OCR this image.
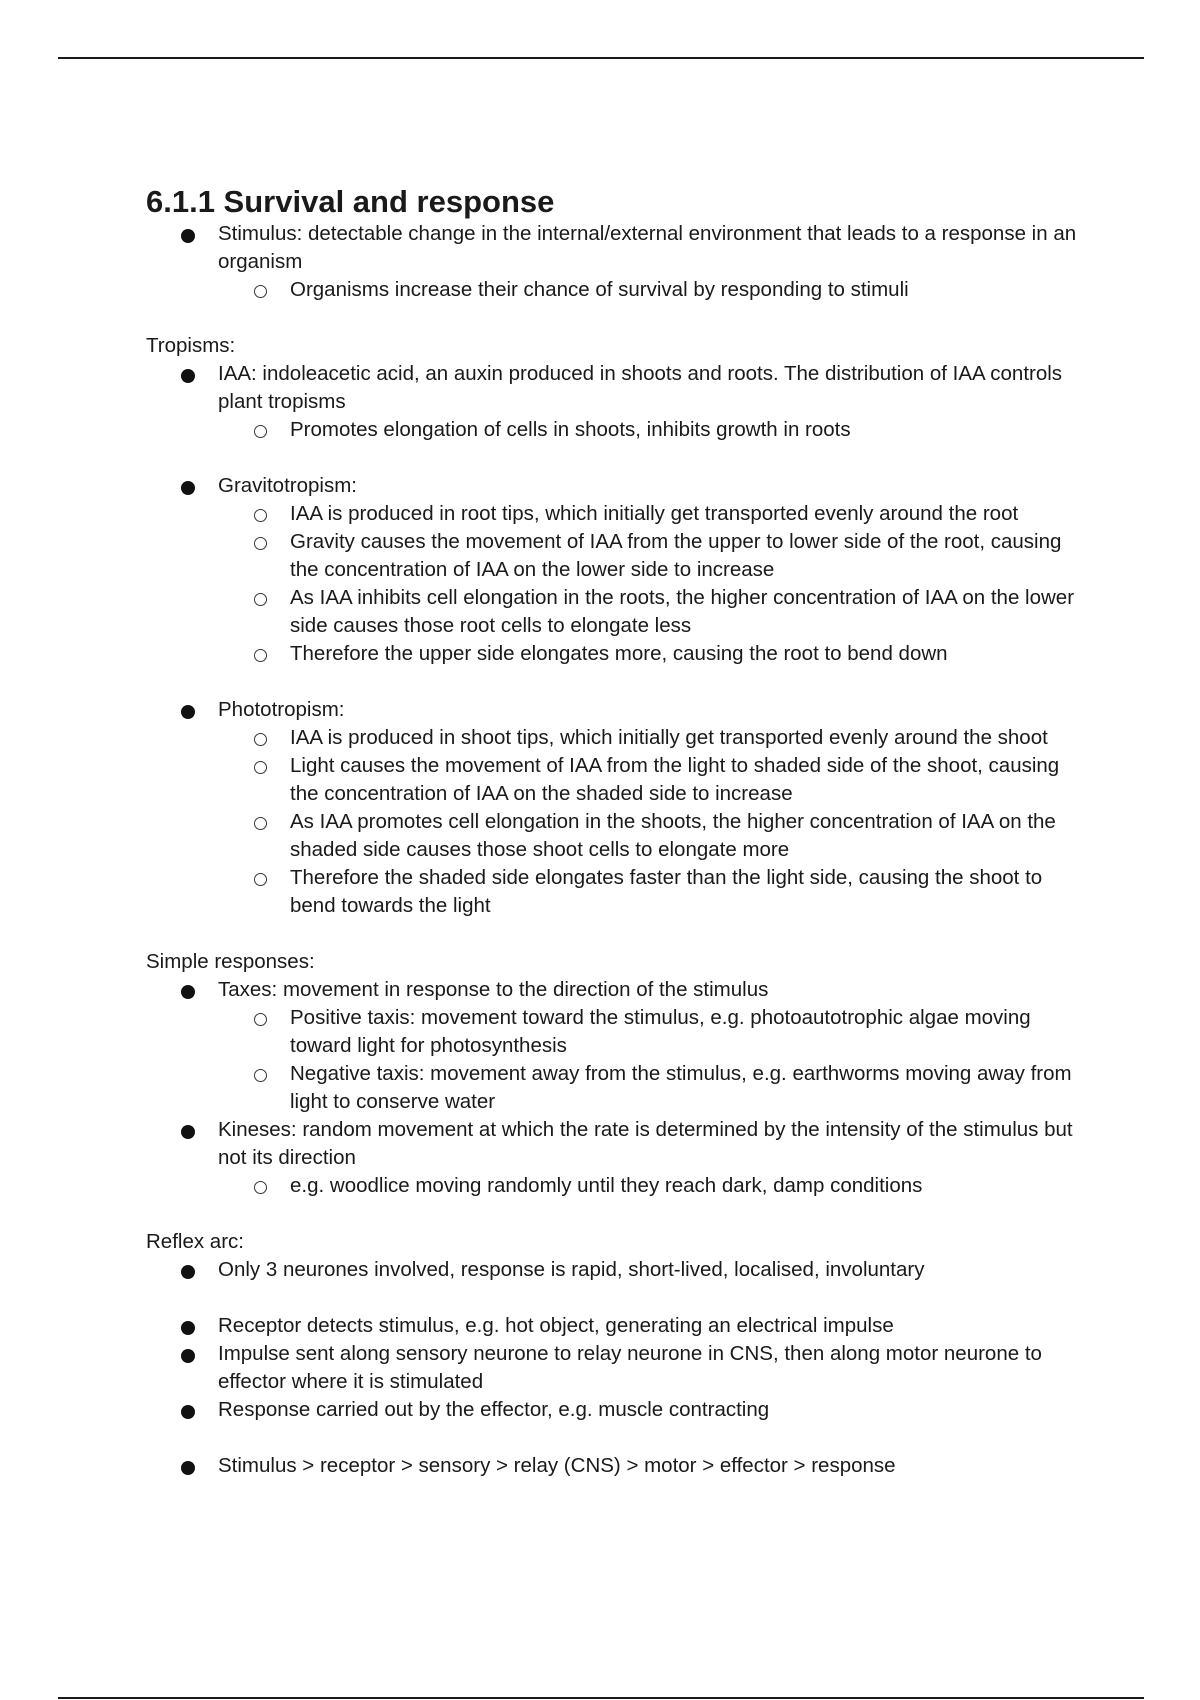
6.1.1 Survival and response
Stimulus: detectable change in the internal/external environment that leads to a response in an organism
Organisms increase their chance of survival by responding to stimuli

Tropisms:

IAA: indoleacetic acid, an auxin produced in shoots and roots. The distribution of IAA controls plant tropisms
Promotes elongation of cells in shoots, inhibits growth in roots
Gravitotropism:
IAA is produced in root tips, which initially get transported evenly around the root
Gravity causes the movement of IAA from the upper to lower side of the root, causing the concentration of IAA on the lower side to increase
As IAA inhibits cell elongation in the roots, the higher concentration of IAA on the lower side causes those root cells to elongate less
Therefore the upper side elongates more, causing the root to bend down
Phototropism:
IAA is produced in shoot tips, which initially get transported evenly around the shoot
Light causes the movement of IAA from the light to shaded side of the shoot, causing the concentration of IAA on the shaded side to increase
As IAA promotes cell elongation in the shoots, the higher concentration of IAA on the shaded side causes those shoot cells to elongate more
Therefore the shaded side elongates faster than the light side, causing the shoot to bend towards the light

Simple responses:

Taxes: movement in response to the direction of the stimulus
Positive taxis: movement toward the stimulus, e.g. photoautotrophic algae moving toward light for photosynthesis
Negative taxis: movement away from the stimulus, e.g. earthworms moving away from light to conserve water
Kineses: random movement at which the rate is determined by the intensity of the stimulus but not its direction
e.g. woodlice moving randomly until they reach dark, damp conditions

Reflex arc:

Only 3 neurones involved, response is rapid, short-lived, localised, involuntary
Receptor detects stimulus, e.g. hot object, generating an electrical impulse
Impulse sent along sensory neurone to relay neurone in CNS, then along motor neurone to effector where it is stimulated
Response carried out by the effector, e.g. muscle contracting
Stimulus > receptor > sensory > relay (CNS) > motor > effector > response
